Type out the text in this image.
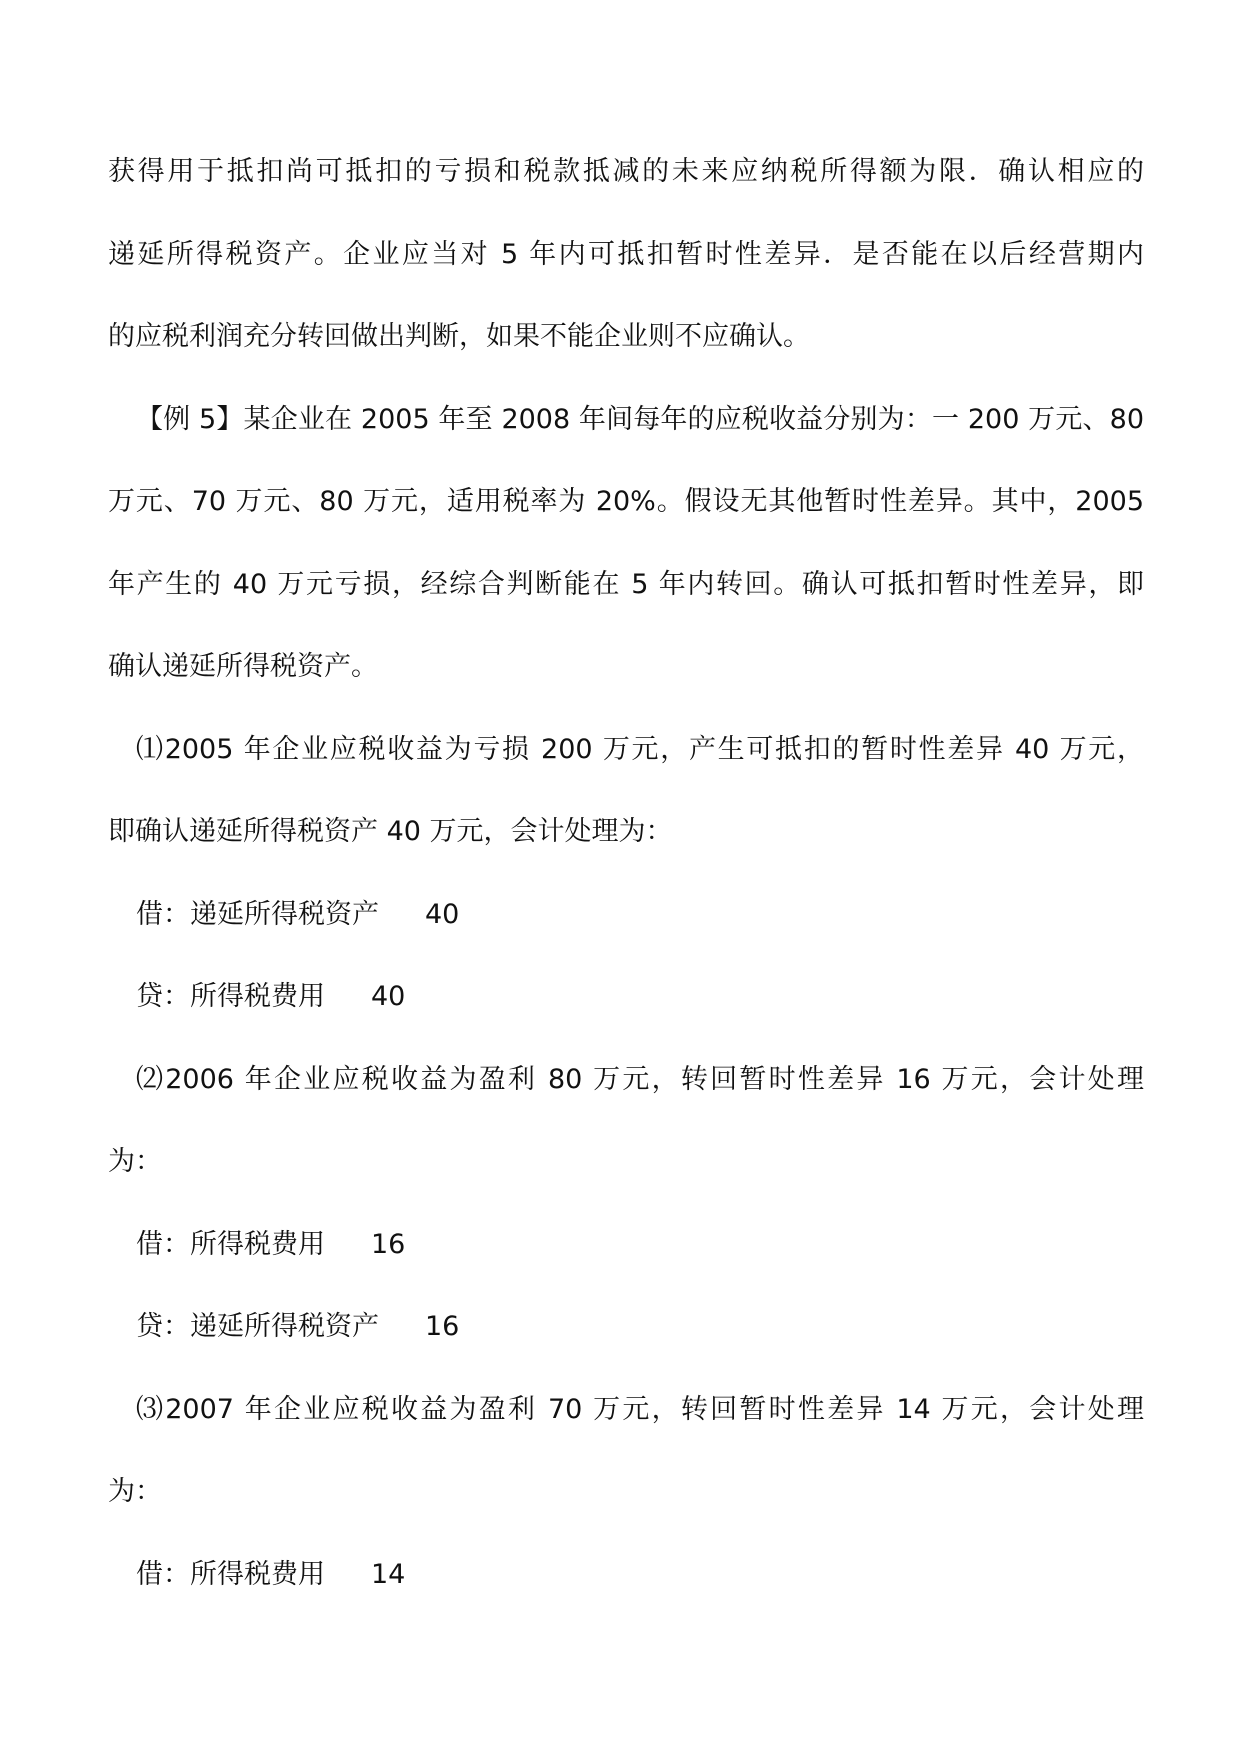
获得用于抵扣尚可抵扣的亏损和税款抵减的未来应纳税所得额为限．确认相应的
递延所得税资产。企业应当对 5 年内可抵扣暂时性差异．是否能在以后经营期内
的应税利润充分转回做出判断，如果不能企业则不应确认。
【例 5】某企业在 2005 年至 2008 年间每年的应税收益分别为：一 200 万元、80
万元、70 万元、80 万元，适用税率为 20%。假设无其他暂时性差异。其中，2005
年产生的 40 万元亏损，经综合判断能在 5 年内转回。确认可抵扣暂时性差异，即
确认递延所得税资产。
⑴2005 年企业应税收益为亏损 200 万元，产生可抵扣的暂时性差异 40 万元，
即确认递延所得税资产 40 万元，会计处理为：
借：递延所得税资产 40
贷：所得税费用 40
⑵2006 年企业应税收益为盈利 80 万元，转回暂时性差异 16 万元，会计处理
为：
借：所得税费用 16
贷：递延所得税资产 16
⑶2007 年企业应税收益为盈利 70 万元，转回暂时性差异 14 万元，会计处理
为：
借：所得税费用 14
